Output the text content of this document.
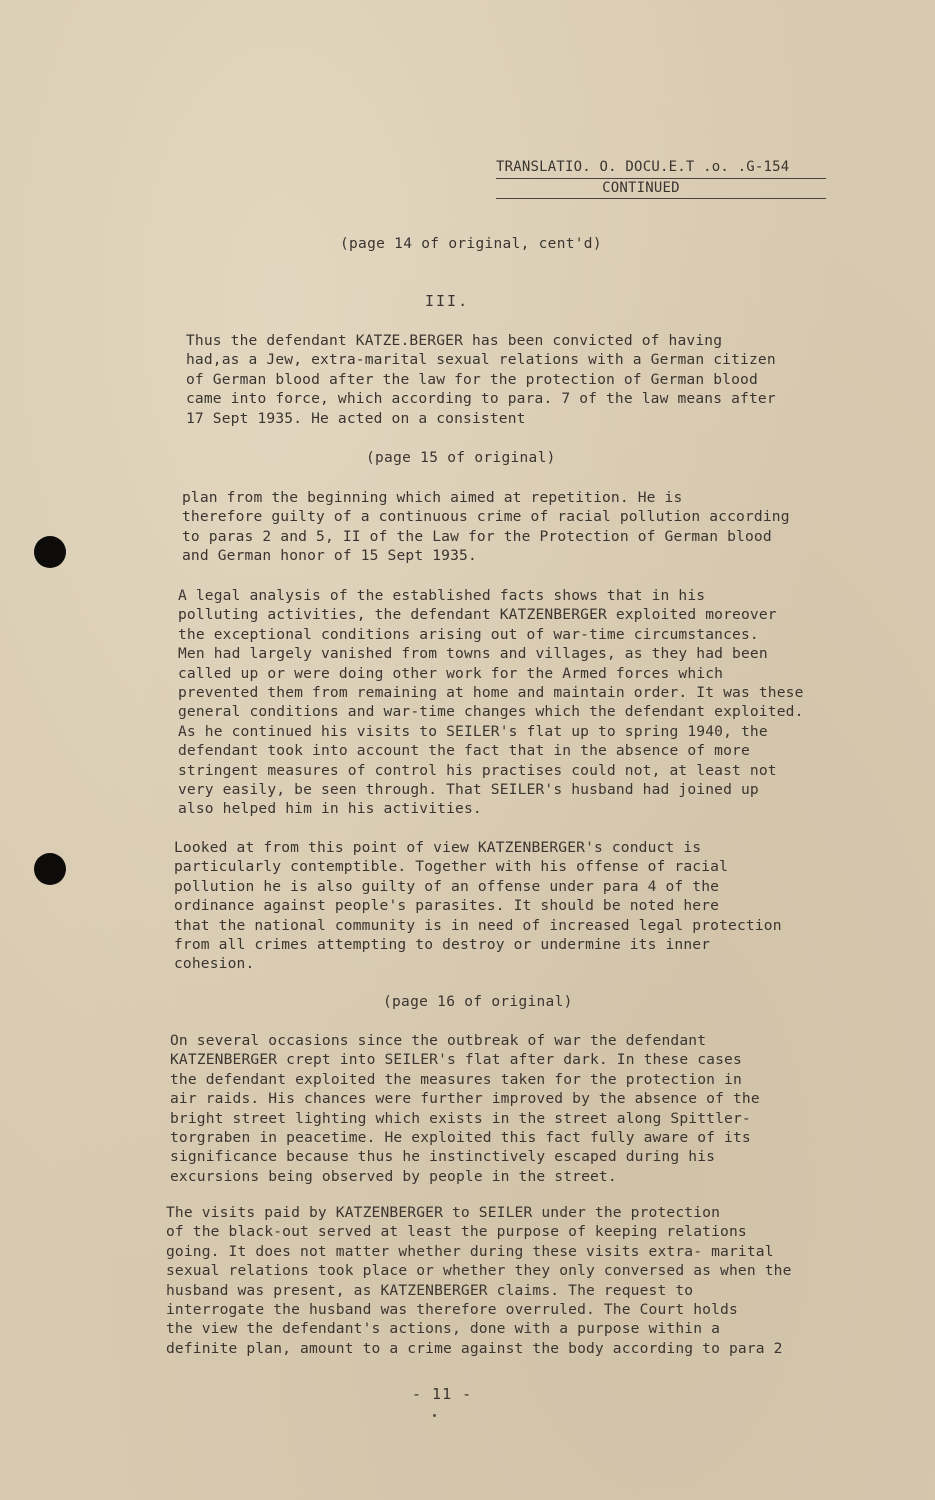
TRANSLATIO. O. DOCU.E.T .o. .G-154
CONTINUED
(page 14 of original, cent'd)
III.
Thus the defendant KATZE.BERGER has been convicted of having
had,as a Jew, extra-marital sexual relations with a German citizen
of German blood after the law for the protection of German blood
came into force, which according to para. 7 of the law means after
17 Sept 1935. He acted on a consistent
(page 15 of original)
plan from the beginning which aimed at repetition. He is
therefore guilty of a continuous crime of racial pollution according
to paras 2 and 5, II of the Law for the Protection of German blood
and German honor of 15 Sept 1935.
A legal analysis of the established facts shows that in his
polluting activities, the defendant KATZENBERGER exploited moreover
the exceptional conditions arising out of war-time circumstances.
Men had largely vanished from towns and villages, as they had been
called up or were doing other work for the Armed forces which
prevented them from remaining at home and maintain order. It was these
general conditions and war-time changes which the defendant exploited.
As he continued his visits to SEILER's flat up to spring 1940, the
defendant took into account the fact that in the absence of more
stringent measures of control his practises could not, at least not
very easily, be seen through. That SEILER's husband had joined up
also helped him in his activities.
Looked at from this point of view KATZENBERGER's conduct is
particularly contemptible. Together with his offense of racial
pollution he is also guilty of an offense under para 4 of the
ordinance against people's parasites. It should be noted here
that the national community is in need of increased legal protection
from all crimes attempting to destroy or undermine its inner
cohesion.
(page 16 of original)
On several occasions since the outbreak of war the defendant
KATZENBERGER crept into SEILER's flat after dark. In these cases
the defendant exploited the measures taken for the protection in
air raids. His chances were further improved by the absence of the
bright street lighting which exists in the street along Spittler-
torgraben in peacetime. He exploited this fact fully aware of its
significance because thus he instinctively escaped during his
excursions being observed by people in the street.
The visits paid by KATZENBERGER to SEILER under the protection
of the black-out served at least the purpose of keeping relations
going. It does not matter whether during these visits extra- marital
sexual relations took place or whether they only conversed as when the
husband was present, as KATZENBERGER claims. The request to
interrogate the husband was therefore overruled. The Court holds
the view the defendant's actions, done with a purpose within a
definite plan, amount to a crime against the body according to para 2
- 11 -
